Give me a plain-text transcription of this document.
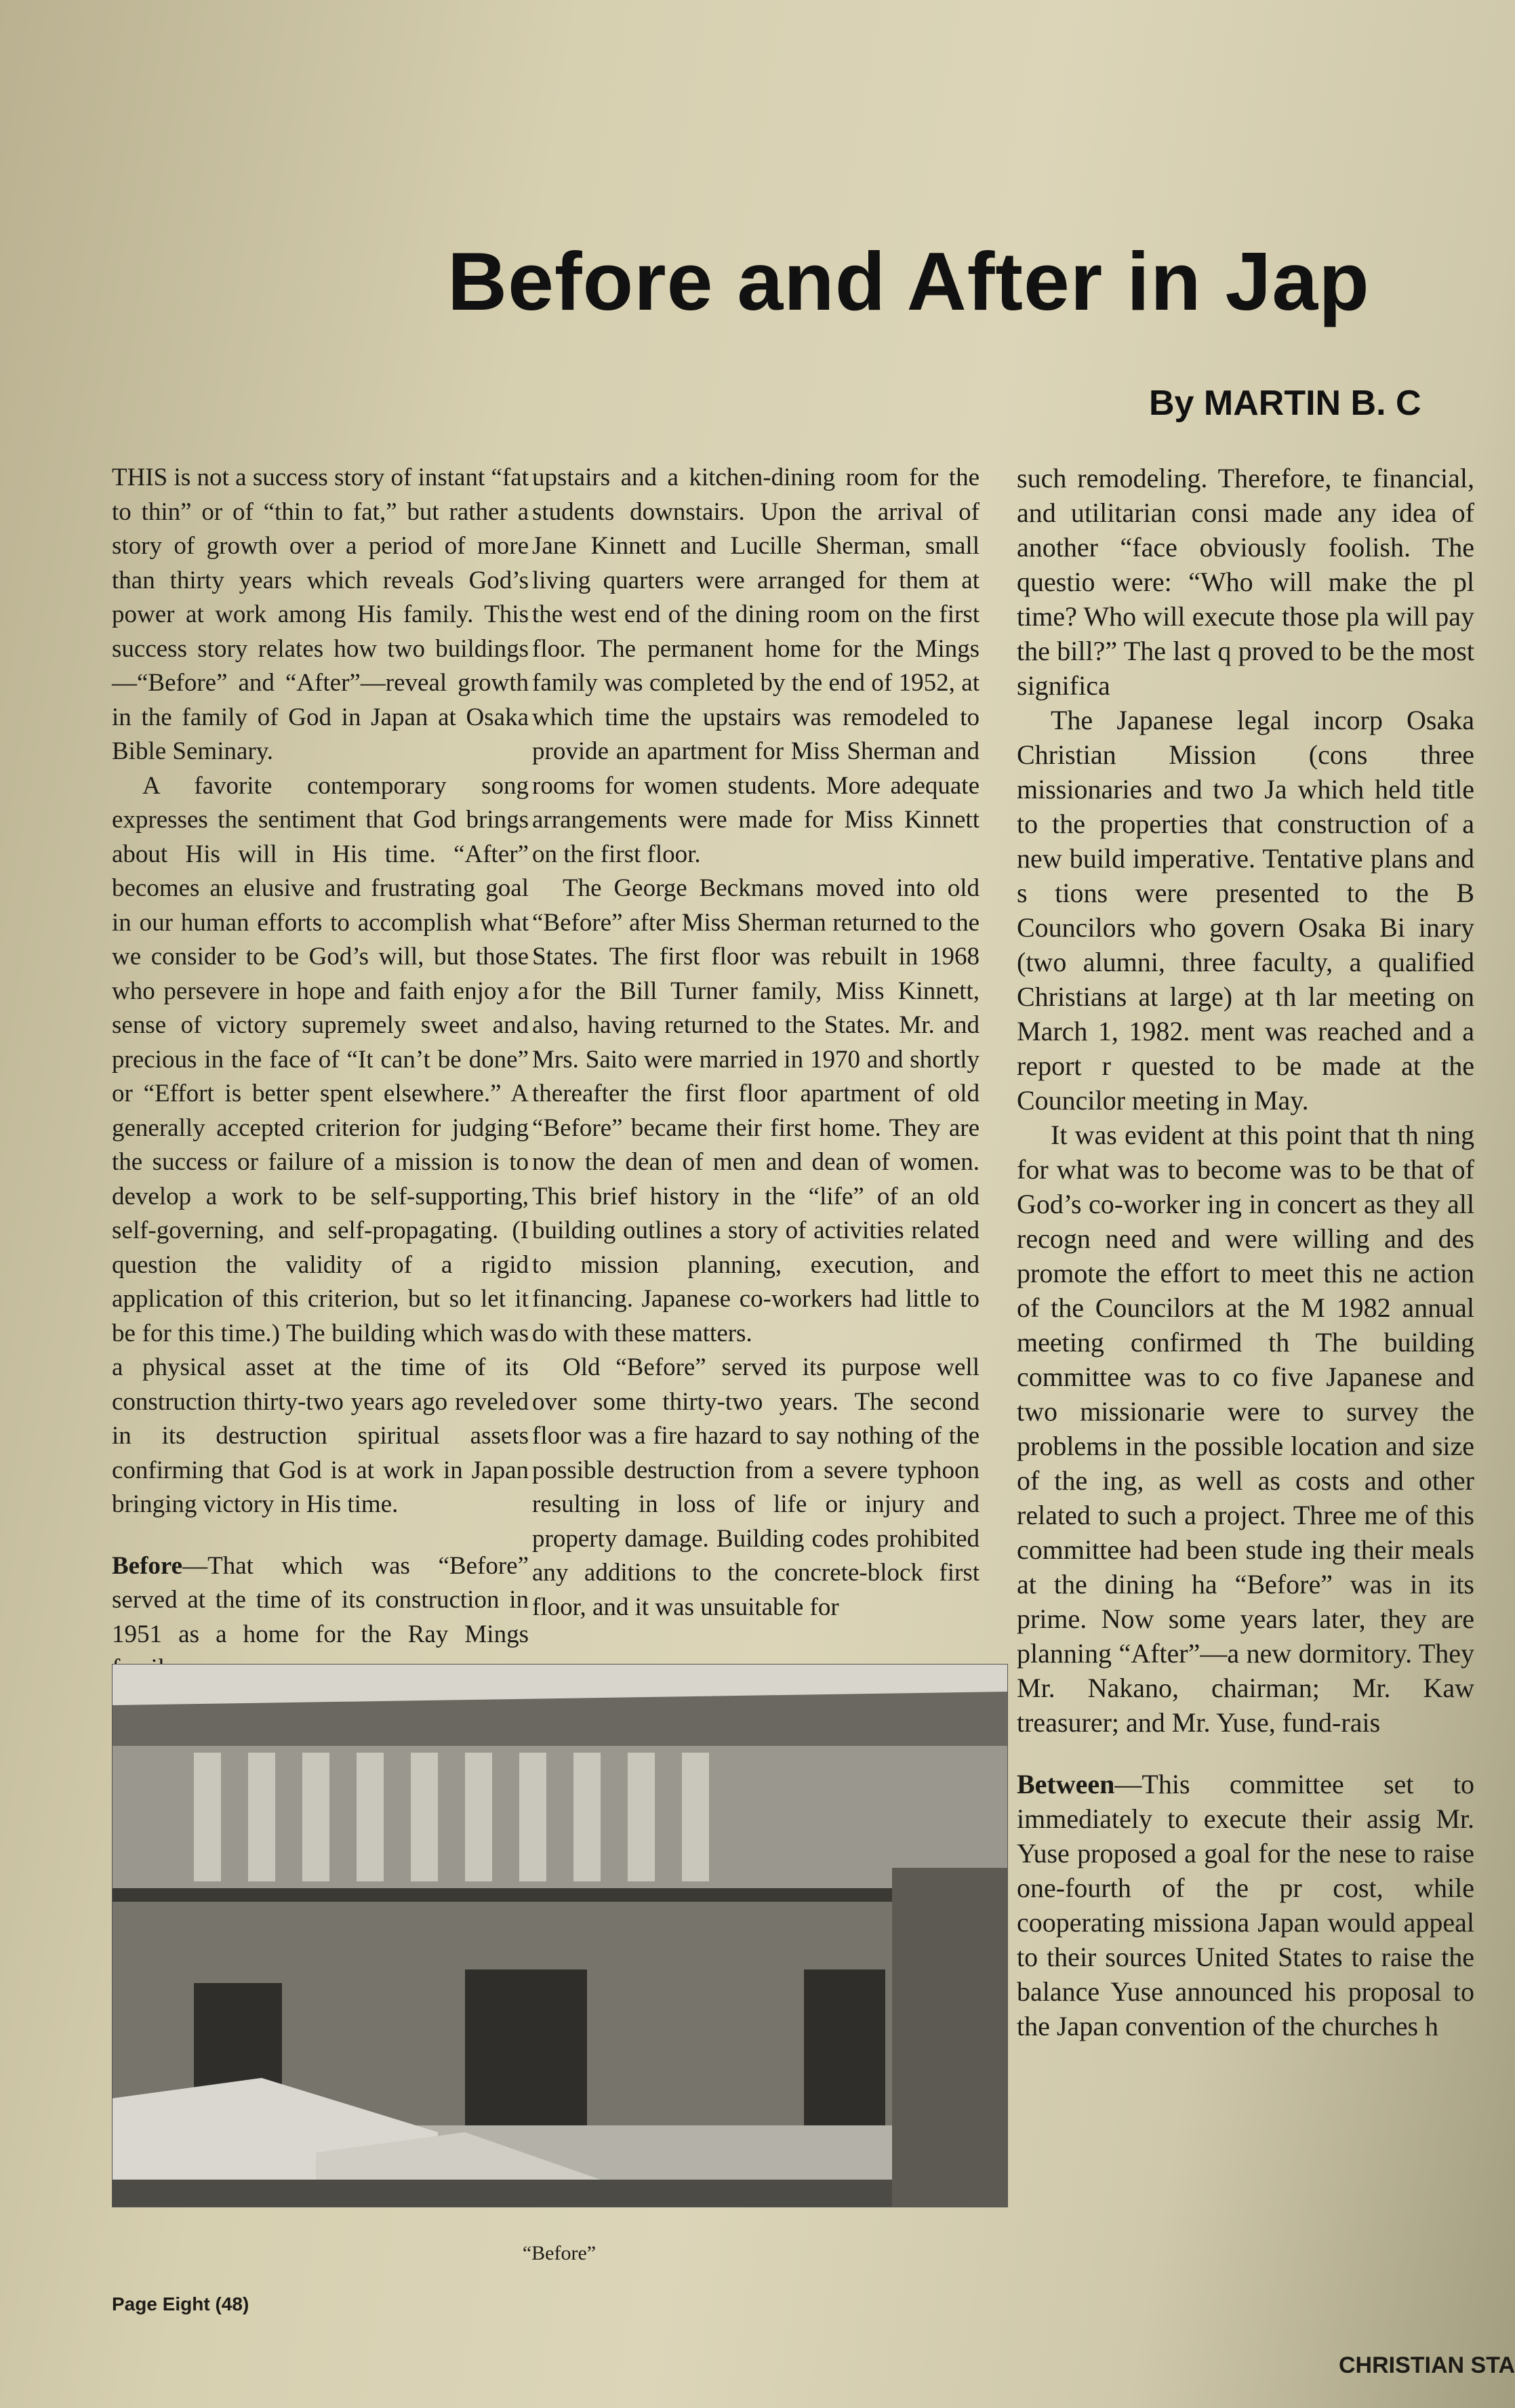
Before and After in Jap
By MARTIN B. C

THIS is not a success story of instant “fat to thin” or of “thin to fat,” but rather a story of growth over a period of more than thirty years which reveals God’s power at work among His family. This success story relates how two buildings—“Before” and “After”—reveal growth in the family of God in Japan at Osaka Bible Seminary.

A favorite contemporary song expresses the sentiment that God brings about His will in His time. “After” becomes an elusive and frustrating goal in our human efforts to accomplish what we consider to be God’s will, but those who persevere in hope and faith enjoy a sense of victory supremely sweet and precious in the face of “It can’t be done” or “Effort is better spent elsewhere.” A generally accepted criterion for judging the success or failure of a mission is to develop a work to be self-supporting, self-governing, and self-propagating. (I question the validity of a rigid application of this criterion, but so let it be for this time.) The building which was a physical asset at the time of its construction thirty-two years ago reveled in its destruction spiritual assets confirming that God is at work in Japan bringing victory in His time.

Before—That which was “Before” served at the time of its construction in 1951 as a home for the Ray Mings

upstairs and a kitchen-dining room for the students downstairs. Upon the arrival of Jane Kinnett and Lucille Sherman, small living quarters were arranged for them at the west end of the dining room on the first floor. The permanent home for the Mings family was completed by the end of 1952, at which time the upstairs was remodeled to provide an apartment for Miss Sherman and rooms for women students. More adequate arrangements were made for Miss Kinnett on the first floor.

The George Beckmans moved into old “Before” after Miss Sherman returned to the States. The first floor was rebuilt in 1968 for the Bill Turner family, Miss Kinnett, also, having returned to the States. Mr. and Mrs. Saito were married in 1970 and shortly thereafter the first floor apartment of old “Before” became their first home. They are now the dean of men and dean of women. This brief history in the “life” of an old building outlines a story of activities related to mission planning, execution, and financing. Japanese co-workers had little to do with these matters.

Old “Before” served its purpose well over some thirty-two years. The second floor was a fire hazard to say nothing of the possible destruction from a severe typhoon resulting in loss of life or injury and property damage. Building codes prohibited any additions to the concrete-block first floor, and it was unsuitable for

such remodeling. Therefore, te financial, and utilitarian consi made any idea of another “face obviously foolish. The questio were: “Who will make the pl time? Who will execute those pla will pay the bill?” The last q proved to be the most significa

The Japanese legal incorp Osaka Christian Mission (cons three missionaries and two Ja which held title to the properties that construction of a new build imperative. Tentative plans and s tions were presented to the B Councilors who govern Osaka Bi inary (two alumni, three faculty, a qualified Christians at large) at th lar meeting on March 1, 1982. ment was reached and a report r quested to be made at the Councilor meeting in May.

It was evident at this point that th ning for what was to become was to be that of God’s co-worker ing in concert as they all recogn need and were willing and des promote the effort to meet this ne action of the Councilors at the M 1982 annual meeting confirmed th The building committee was to co five Japanese and two missionarie were to survey the problems in the possible location and size of the ing, as well as costs and other related to such a project. Three me of this committee had been stude ing their meals at the dining ha “Before” was in its prime. Now some years later, they are planning “After”—a new dormitory. They Mr. Nakano, chairman; Mr. Kaw treasurer; and Mr. Yuse, fund-rais

Between—This committee set to immediately to execute their assig Mr. Yuse proposed a goal for the nese to raise one-fourth of the pr cost, while cooperating missiona Japan would appeal to their sources United States to raise the balance Yuse announced his proposal to the Japan convention of the churches h

“Before”
Page Eight (48)
CHRISTIAN STA
